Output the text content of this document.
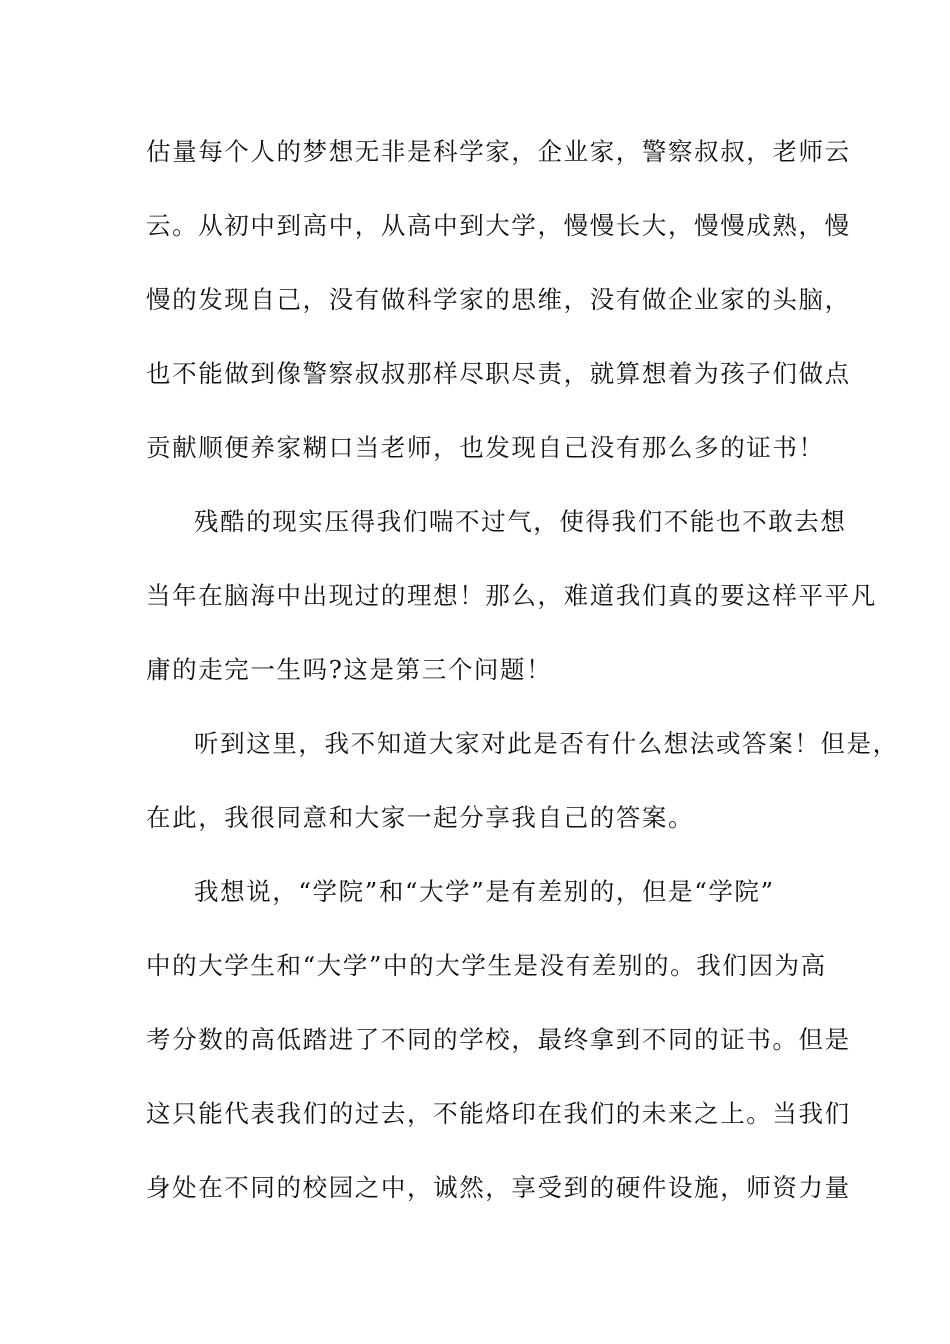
估量每个人的梦想无非是科学家，企业家，警察叔叔，老师云
云。从初中到高中，从高中到大学，慢慢长大，慢慢成熟，慢
慢的发现自己，没有做科学家的思维，没有做企业家的头脑，
也不能做到像警察叔叔那样尽职尽责，就算想着为孩子们做点
贡献顺便养家糊口当老师，也发现自己没有那么多的证书！
残酷的现实压得我们喘不过气，使得我们不能也不敢去想
当年在脑海中出现过的理想！那么，难道我们真的要这样平平凡
庸的走完一生吗?这是第三个问题！
听到这里，我不知道大家对此是否有什么想法或答案！但是，
在此，我很同意和大家一起分享我自己的答案。
我想说，“学院”和“大学”是有差别的，但是“学院”
中的大学生和“大学”中的大学生是没有差别的。我们因为高
考分数的高低踏进了不同的学校，最终拿到不同的证书。但是
这只能代表我们的过去，不能烙印在我们的未来之上。当我们
身处在不同的校园之中，诚然，享受到的硬件设施，师资力量
